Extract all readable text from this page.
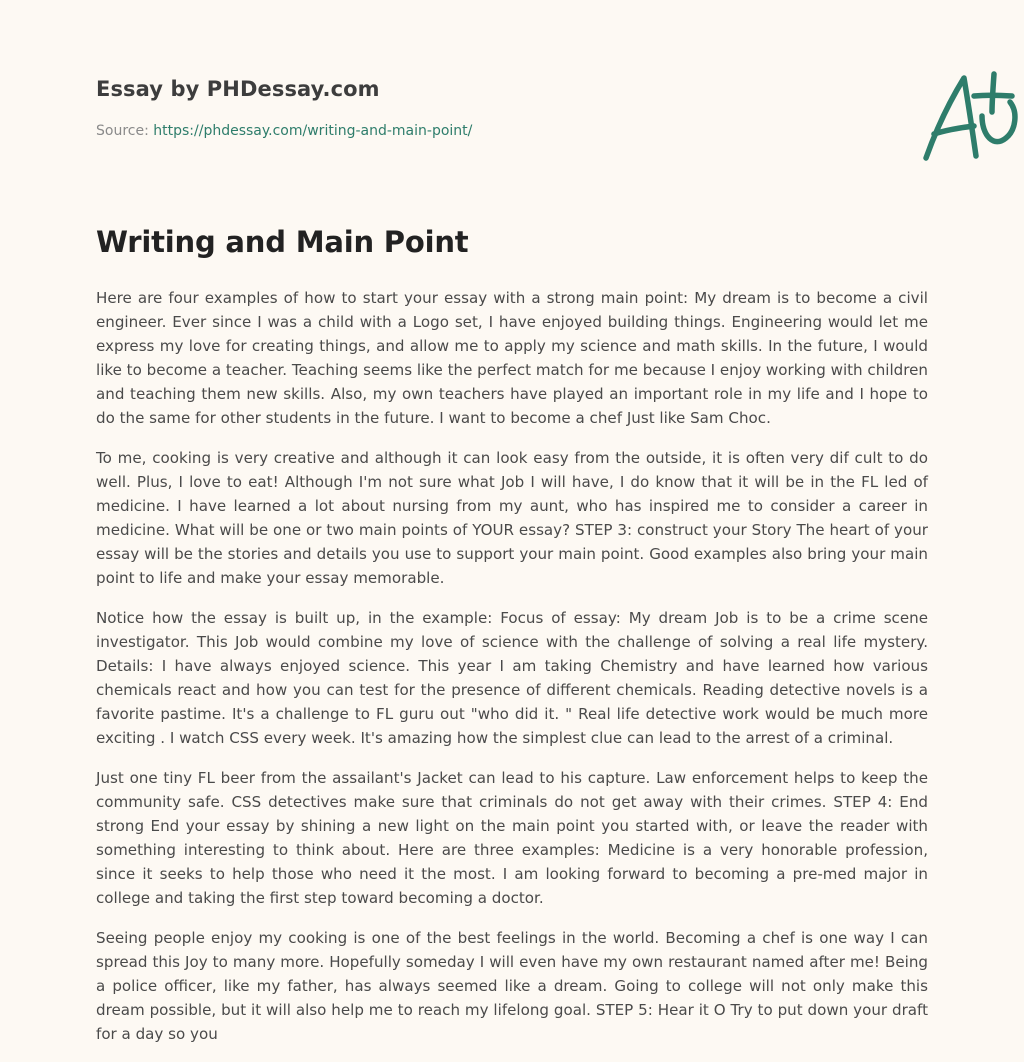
Essay by PHDessay.com

Source: https://phdessay.com/writing-and-main-point/

Writing and Main Point

Here are four examples of how to start your essay with a strong main point: My dream is to become a civil engineer. Ever since I was a child with a Logo set, I have enjoyed building things. Engineering would let me express my love for creating things, and allow me to apply my science and math skills. In the future, I would like to become a teacher. Teaching seems like the perfect match for me because I enjoy working with children and teaching them new skills. Also, my own teachers have played an important role in my life and I hope to do the same for other students in the future. I want to become a chef Just like Sam Choc.

To me, cooking is very creative and although it can look easy from the outside, it is often very dif cult to do well. Plus, I love to eat! Although I'm not sure what Job I will have, I do know that it will be in the FL led of medicine. I have learned a lot about nursing from my aunt, who has inspired me to consider a career in medicine. What will be one or two main points of YOUR essay? STEP 3: construct your Story The heart of your essay will be the stories and details you use to support your main point. Good examples also bring your main point to life and make your essay memorable.

Notice how the essay is built up, in the example: Focus of essay: My dream Job is to be a crime scene investigator. This Job would combine my love of science with the challenge of solving a real life mystery. Details: I have always enjoyed science. This year I am taking Chemistry and have learned how various chemicals react and how you can test for the presence of different chemicals. Reading detective novels is a favorite pastime. It's a challenge to FL guru out "who did it. " Real life detective work would be much more exciting . I watch CSS every week. It's amazing how the simplest clue can lead to the arrest of a criminal.

Just one tiny FL beer from the assailant's Jacket can lead to his capture. Law enforcement helps to keep the community safe. CSS detectives make sure that criminals do not get away with their crimes. STEP 4: End strong End your essay by shining a new light on the main point you started with, or leave the reader with something interesting to think about. Here are three examples: Medicine is a very honorable profession, since it seeks to help those who need it the most. I am looking forward to becoming a pre-med major in college and taking the first step toward becoming a doctor.

Seeing people enjoy my cooking is one of the best feelings in the world. Becoming a chef is one way I can spread this Joy to many more. Hopefully someday I will even have my own restaurant named after me! Being a police officer, like my father, has always seemed like a dream. Going to college will not only make this dream possible, but it will also help me to reach my lifelong goal. STEP 5: Hear it O Try to put down your draft for a day so you
